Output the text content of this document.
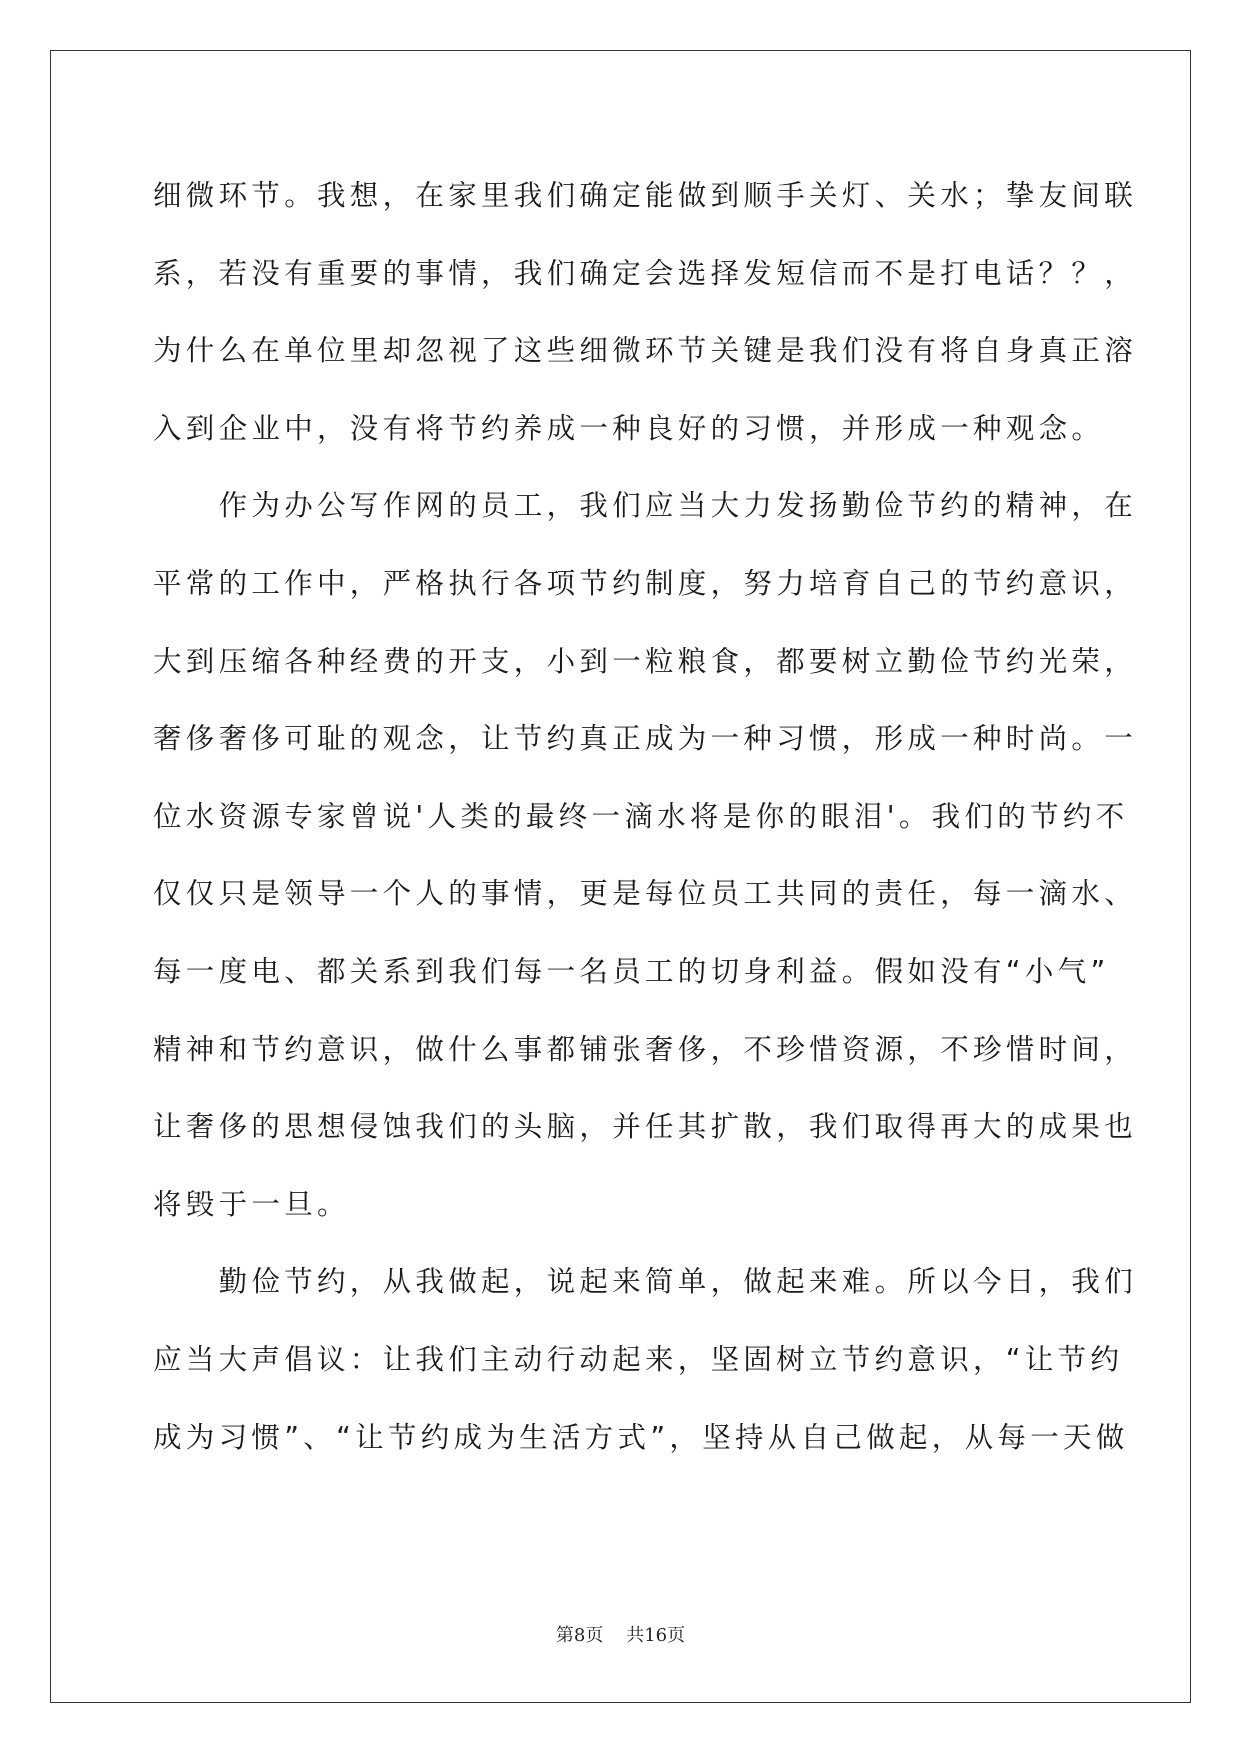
细微环节。我想，在家里我们确定能做到顺手关灯、关水；挚友间联
系，若没有重要的事情，我们确定会选择发短信而不是打电话？？，
为什么在单位里却忽视了这些细微环节关键是我们没有将自身真正溶
入到企业中，没有将节约养成一种良好的习惯，并形成一种观念。
　　作为办公写作网的员工，我们应当大力发扬勤俭节约的精神，在
平常的工作中，严格执行各项节约制度，努力培育自己的节约意识，
大到压缩各种经费的开支，小到一粒粮食，都要树立勤俭节约光荣，
奢侈奢侈可耻的观念，让节约真正成为一种习惯，形成一种时尚。一
位水资源专家曾说'人类的最终一滴水将是你的眼泪'。我们的节约不
仅仅只是领导一个人的事情，更是每位员工共同的责任，每一滴水、
每一度电、都关系到我们每一名员工的切身利益。假如没有“小气”
精神和节约意识，做什么事都铺张奢侈，不珍惜资源，不珍惜时间，
让奢侈的思想侵蚀我们的头脑，并任其扩散，我们取得再大的成果也
将毁于一旦。
　　勤俭节约，从我做起，说起来简单，做起来难。所以今日，我们
应当大声倡议：让我们主动行动起来，坚固树立节约意识，“让节约
成为习惯”、“让节约成为生活方式”，坚持从自己做起，从每一天做
第8页 共16页
